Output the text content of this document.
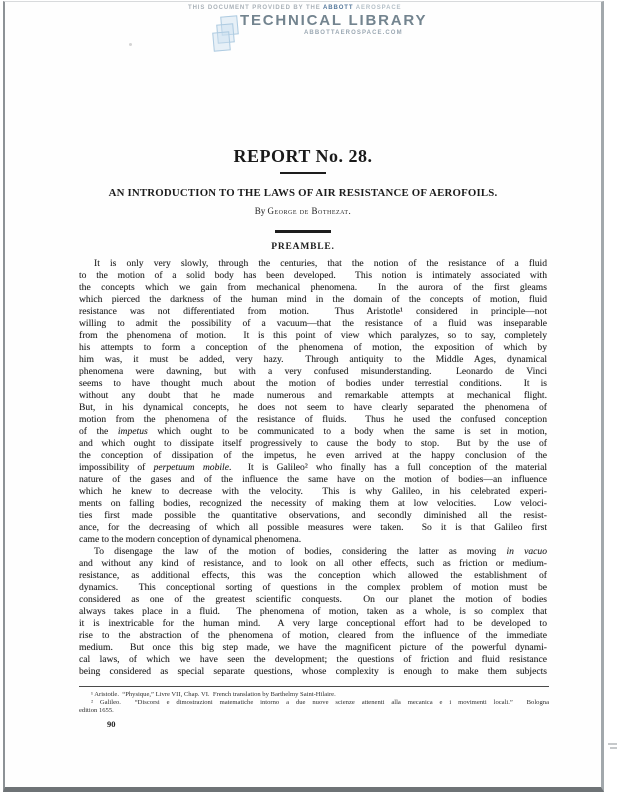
THIS DOCUMENT PROVIDED BY THE ABBOTT AEROSPACE
TECHNICAL LIBRARY
ABBOTTAEROSPACE.COM
REPORT No. 28.
AN INTRODUCTION TO THE LAWS OF AIR RESISTANCE OF AEROFOILS.
By George de Bothezat.
PREAMBLE.
It is only very slowly, through the centuries, that the notion of the resistance of a fluid
to the motion of a solid body has been developed.  This notion is intimately associated with
the concepts which we gain from mechanical phenomena.  In the aurora of the first gleams
which pierced the darkness of the human mind in the domain of the concepts of motion, fluid
resistance was not differentiated from motion.  Thus Aristotle¹ considered in principle—not
willing to admit the possibility of a vacuum—that the resistance of a fluid was inseparable
from the phenomena of motion.  It is this point of view which paralyzes, so to say, completely
his attempts to form a conception of the phenomena of motion, the exposition of which by
him was, it must be added, very hazy.  Through antiquity to the Middle Ages, dynamical
phenomena were dawning, but with a very confused misunderstanding.  Leonardo de Vinci
seems to have thought much about the motion of bodies under terrestial conditions.  It is
without any doubt that he made numerous and remarkable attempts at mechanical flight.
But, in his dynamical concepts, he does not seem to have clearly separated the phenomena of
motion from the phenomena of the resistance of fluids.  Thus he used the confused conception
of the impetus which ought to be communicated to a body when the same is set in motion,
and which ought to dissipate itself progressively to cause the body to stop.  But by the use of
the conception of dissipation of the impetus, he even arrived at the happy conclusion of the
impossibility of perpetuum mobile.  It is Galileo² who finally has a full conception of the material
nature of the gases and of the influence the same have on the motion of bodies—an influence
which he knew to decrease with the velocity.  This is why Galileo, in his celebrated experi-
ments on falling bodies, recognized the necessity of making them at low velocities.  Low veloci-
ties first made possible the quantitative observations, and secondly diminished all the resist-
ance, for the decreasing of which all possible measures were taken.  So it is that Galileo first
came to the modern conception of dynamical phenomena.
To disengage the law of the motion of bodies, considering the latter as moving in vacuo
and without any kind of resistance, and to look on all other effects, such as friction or medium-
resistance, as additional effects, this was the conception which allowed the establishment of
dynamics.  This conceptional sorting of questions in the complex problem of motion must be
considered as one of the greatest scientific conquests.  On our planet the motion of bodies
always takes place in a fluid.  The phenomena of motion, taken as a whole, is so complex that
it is inextricable for the human mind.  A very large conceptional effort had to be developed to
rise to the abstraction of the phenomena of motion, cleared from the influence of the immediate
medium.  But once this big step made, we have the magnificent picture of the powerful dynami-
cal laws, of which we have seen the development; the questions of friction and fluid resistance
being considered as special separate questions, whose complexity is enough to make them subjects
¹ Aristotle.  “Physique,” Livre VII, Chap. VI.  French translation by Barthelmy Saint-Hilaire.
² Galileo.  “Discorsi e dimostrazioni matematiche intorno a due nuove scienze attenenti alla mecanica e i movimenti locali.”  Bologna
edition 1655.
90
